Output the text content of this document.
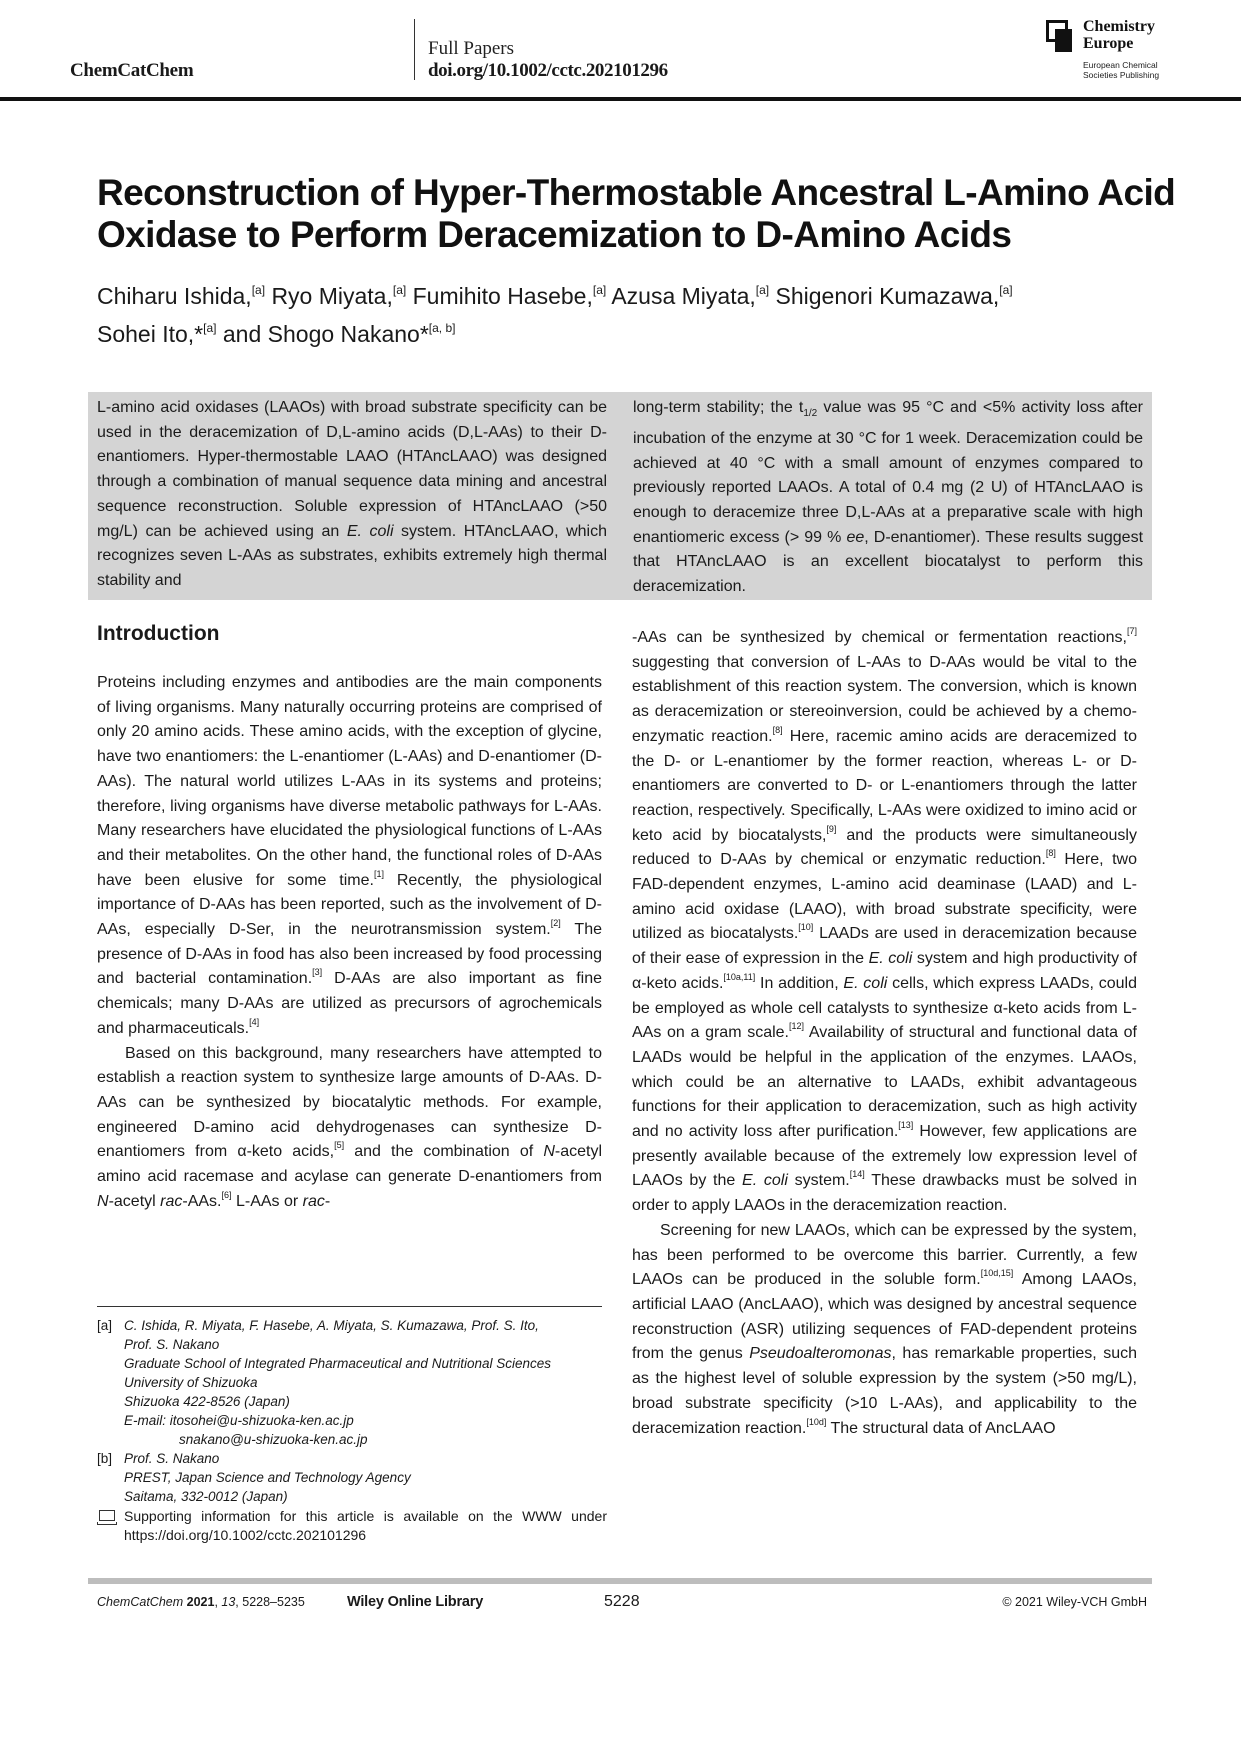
ChemCatChem
Full Papers
doi.org/10.1002/cctc.202101296
Chemistry
Europe
European Chemical
Societies Publishing
Reconstruction of Hyper-Thermostable Ancestral L-Amino Acid Oxidase to Perform Deracemization to D-Amino Acids
Chiharu Ishida,[a] Ryo Miyata,[a] Fumihito Hasebe,[a] Azusa Miyata,[a] Shigenori Kumazawa,[a]
Sohei Ito,*[a] and Shogo Nakano*[a, b]
L-amino acid oxidases (LAAOs) with broad substrate specificity can be used in the deracemization of D,L-amino acids (D,L-AAs) to their D-enantiomers. Hyper-thermostable LAAO (HTAncLAAO) was designed through a combination of manual sequence data mining and ancestral sequence reconstruction. Soluble expression of HTAncLAAO (>50 mg/L) can be achieved using an E. coli system. HTAncLAAO, which recognizes seven L-AAs as substrates, exhibits extremely high thermal stability and
long-term stability; the $t_{1/2}$ value was 95 °C and <5% activity loss after incubation of the enzyme at 30 °C for 1 week. Deracemization could be achieved at 40 °C with a small amount of enzymes compared to previously reported LAAOs. A total of 0.4 mg (2 U) of HTAncLAAO is enough to deracemize three D,L-AAs at a preparative scale with high enantiomeric excess (> 99 % ee, D-enantiomer). These results suggest that HTAncLAAO is an excellent biocatalyst to perform this deracemization.
Introduction

Proteins including enzymes and antibodies are the main components of living organisms. Many naturally occurring proteins are comprised of only 20 amino acids. These amino acids, with the exception of glycine, have two enantiomers: the L-enantiomer (L-AAs) and D-enantiomer (D-AAs). The natural world utilizes L-AAs in its systems and proteins; therefore, living organisms have diverse metabolic pathways for L-AAs. Many researchers have elucidated the physiological functions of L-AAs and their metabolites. On the other hand, the functional roles of D-AAs have been elusive for some time.[1] Recently, the physiological importance of D-AAs has been reported, such as the involvement of D-AAs, especially D-Ser, in the neurotransmission system.[2] The presence of D-AAs in food has also been increased by food processing and bacterial contamination.[3] D-AAs are also important as fine chemicals; many D-AAs are utilized as precursors of agrochemicals and pharmaceuticals.[4]

Based on this background, many researchers have attempted to establish a reaction system to synthesize large amounts of D-AAs. D-AAs can be synthesized by biocatalytic methods. For example, engineered D-amino acid dehydrogenases can synthesize D-enantiomers from α-keto acids,[5] and the combination of N-acetyl amino acid racemase and acylase can generate D-enantiomers from N-acetyl rac-AAs.[6] L-AAs or rac-

[a] C. Ishida, R. Miyata, F. Hasebe, A. Miyata, S. Kumazawa, Prof. S. Ito,
Prof. S. Nakano
Graduate School of Integrated Pharmaceutical and Nutritional Sciences
University of Shizuoka
Shizuoka 422-8526 (Japan)
E-mail: itosohei@u-shizuoka-ken.ac.jp
snakano@u-shizuoka-ken.ac.jp
[b] Prof. S. Nakano
PREST, Japan Science and Technology Agency
Saitama, 332-0012 (Japan)
Supporting information for this article is available on the WWW under https://doi.org/10.1002/cctc.202101296

-AAs can be synthesized by chemical or fermentation reactions,[7] suggesting that conversion of L-AAs to D-AAs would be vital to the establishment of this reaction system. The conversion, which is known as deracemization or stereoinversion, could be achieved by a chemo-enzymatic reaction.[8] Here, racemic amino acids are deracemized to the D- or L-enantiomer by the former reaction, whereas L- or D-enantiomers are converted to D- or L-enantiomers through the latter reaction, respectively. Specifically, L-AAs were oxidized to imino acid or keto acid by biocatalysts,[9] and the products were simultaneously reduced to D-AAs by chemical or enzymatic reduction.[8] Here, two FAD-dependent enzymes, L-amino acid deaminase (LAAD) and L-amino acid oxidase (LAAO), with broad substrate specificity, were utilized as biocatalysts.[10] LAADs are used in deracemization because of their ease of expression in the E. coli system and high productivity of α-keto acids.[10a,11] In addition, E. coli cells, which express LAADs, could be employed as whole cell catalysts to synthesize α-keto acids from L-AAs on a gram scale.[12] Availability of structural and functional data of LAADs would be helpful in the application of the enzymes. LAAOs, which could be an alternative to LAADs, exhibit advantageous functions for their application to deracemization, such as high activity and no activity loss after purification.[13] However, few applications are presently available because of the extremely low expression level of LAAOs by the E. coli system.[14] These drawbacks must be solved in order to apply LAAOs in the deracemization reaction.

Screening for new LAAOs, which can be expressed by the system, has been performed to be overcome this barrier. Currently, a few LAAOs can be produced in the soluble form.[10d,15] Among LAAOs, artificial LAAO (AncLAAO), which was designed by ancestral sequence reconstruction (ASR) utilizing sequences of FAD-dependent proteins from the genus Pseudoalteromonas, has remarkable properties, such as the highest level of soluble expression by the system (>50 mg/L), broad substrate specificity (>10 L-AAs), and applicability to the deracemization reaction.[10d] The structural data of AncLAAO

ChemCatChem 2021, 13, 5228–5235	Wiley Online Library	5228	© 2021 Wiley-VCH GmbH
